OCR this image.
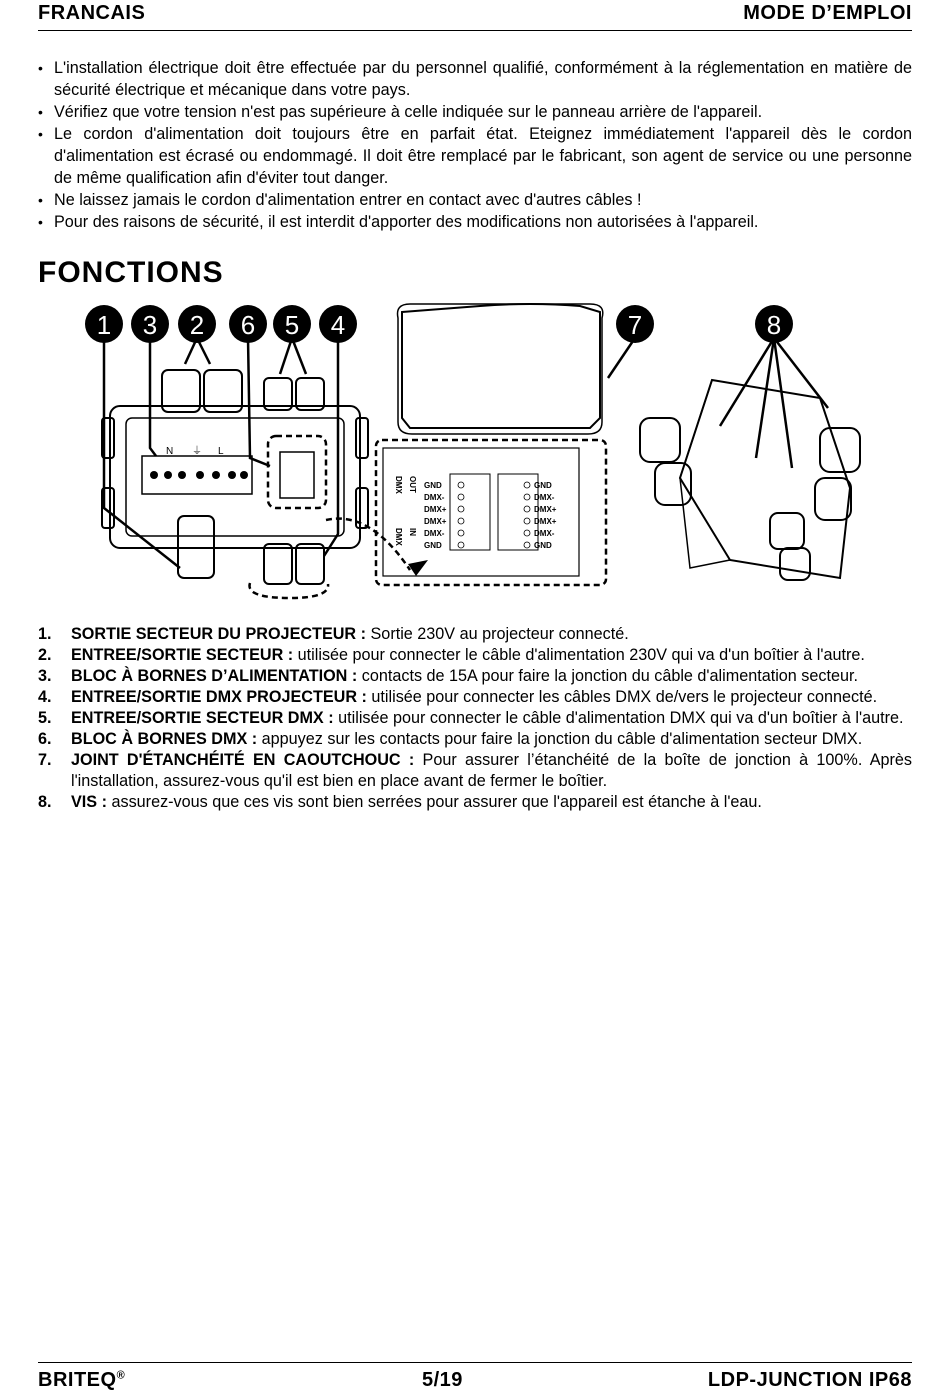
FRANCAIS	MODE D’EMPLOI
• L'installation électrique doit être effectuée par du personnel qualifié, conformément à la réglementation en matière de sécurité électrique et mécanique dans votre pays.
• Vérifiez que votre tension n'est pas supérieure à celle indiquée sur le panneau arrière de l'appareil.
• Le cordon d'alimentation doit toujours être en parfait état. Eteignez immédiatement l'appareil dès le cordon d'alimentation est écrasé ou endommagé. Il doit être remplacé par le fabricant, son agent de service ou une personne de même qualification afin d'éviter tout danger.
• Ne laissez jamais le cordon d'alimentation entrer en contact avec d'autres câbles !
• Pour des raisons de sécurité, il est interdit d'apporter des modifications non autorisées à l'appareil.
FONCTIONS
N ⏚ L
GND
DMX-
DMX+
DMX+
DMX-
GND
GND
DMX-
DMX+
DMX+
DMX-
GND
DMX OUT
IN
DMX
1 3 2 6 5 4	7	8
1. SORTIE SECTEUR DU PROJECTEUR : Sortie 230V au projecteur connecté.
2. ENTREE/SORTIE SECTEUR : utilisée pour connecter le câble d'alimentation 230V qui va d'un boîtier à l'autre.
3. BLOC À BORNES D’ALIMENTATION : contacts de 15A pour faire la jonction du câble d'alimentation secteur.
4. ENTREE/SORTIE DMX PROJECTEUR : utilisée pour connecter les câbles DMX de/vers le projecteur connecté.
5. ENTREE/SORTIE SECTEUR DMX : utilisée pour connecter le câble d'alimentation DMX qui va d'un boîtier à l'autre.
6. BLOC À BORNES DMX : appuyez sur les contacts pour faire la jonction du câble d'alimentation secteur DMX.
7. JOINT D'ÉTANCHÉITÉ EN CAOUTCHOUC : Pour assurer l’étanchéité de la boîte de jonction à 100%. Après l'installation, assurez-vous qu'il est bien en place avant de fermer le boîtier.
8. VIS : assurez-vous que ces vis sont bien serrées pour assurer que l'appareil est étanche à l'eau.
BRITEQ®	5/19	LDP-JUNCTION IP68
